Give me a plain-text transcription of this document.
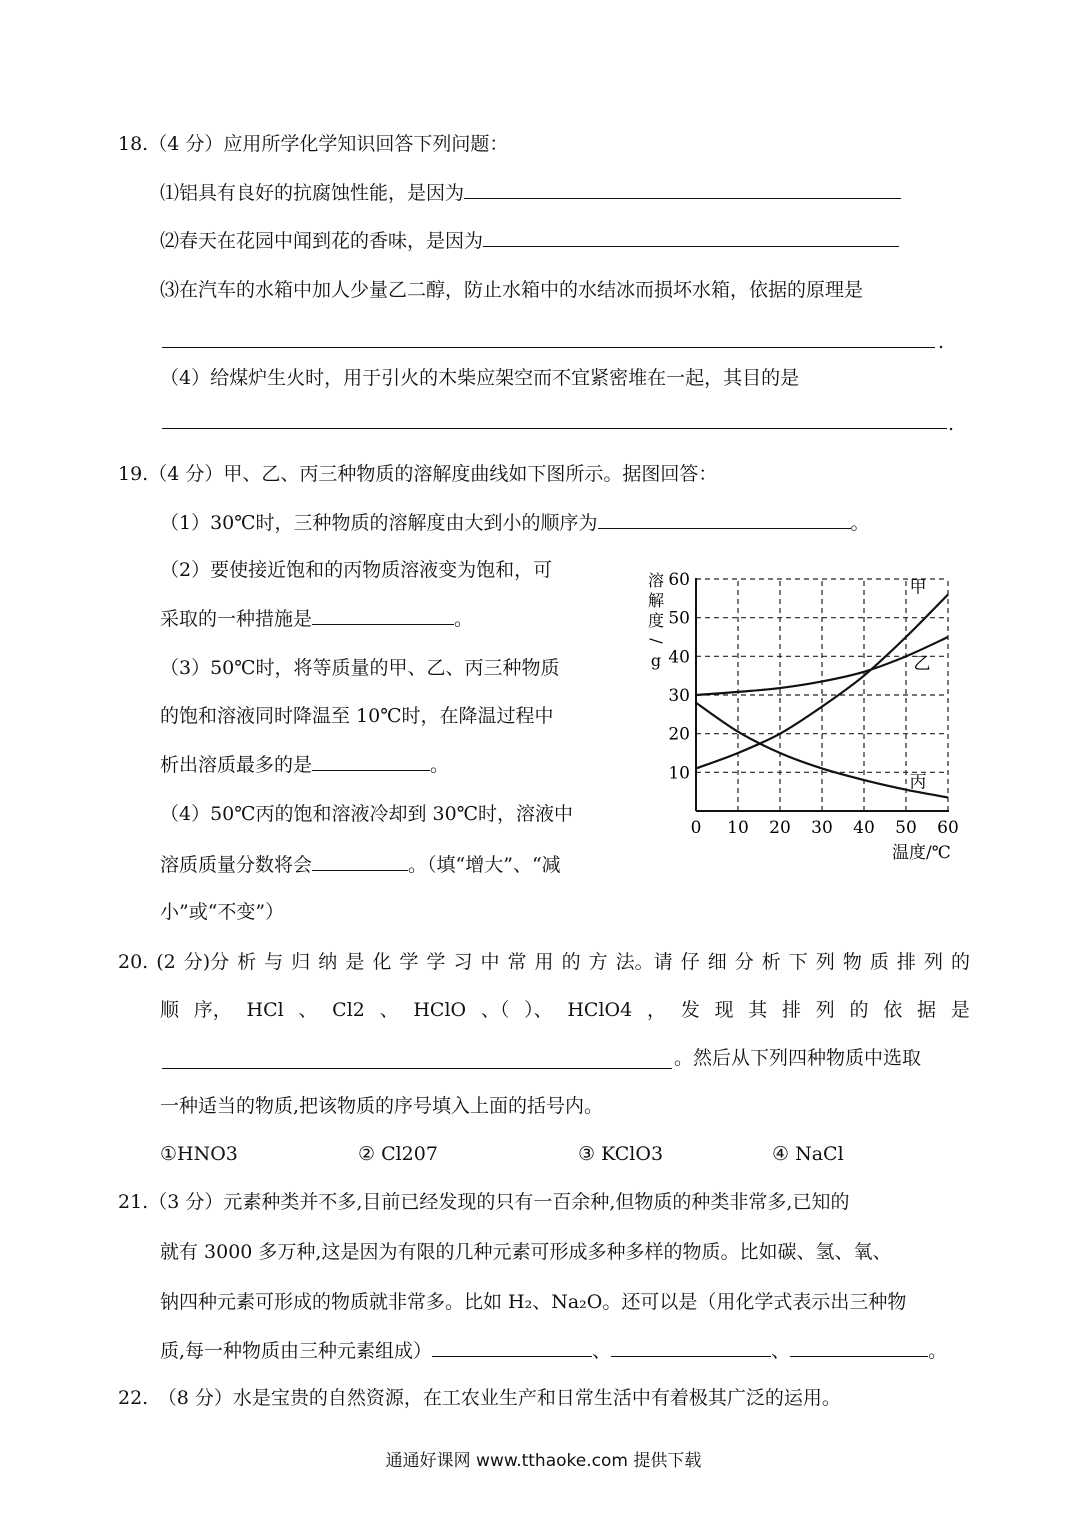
18.（4 分）应用所学化学知识回答下列问题：
⑴铝具有良好的抗腐蚀性能，是因为
⑵春天在花园中闻到花的香味，是因为
⑶在汽车的水箱中加人少量乙二醇，防止水箱中的水结冰而损坏水箱，依据的原理是
.
（4）给煤炉生火时，用于引火的木柴应架空而不宜紧密堆在一起，其目的是
.
19.（4 分）甲、乙、丙三种物质的溶解度曲线如下图所示。据图回答：
（1）30℃时，三种物质的溶解度由大到小的顺序为	。
（2）要使接近饱和的丙物质溶液变为饱和，可
采取的一种措施是	。
（3）50℃时，将等质量的甲、乙、丙三种物质
的饱和溶液同时降温至 10℃时，在降温过程中
析出溶质最多的是	。
（4）50℃丙的饱和溶液冷却到 30℃时，溶液中
溶质质量分数将会	。（填“增大”、“减
小”或“不变”）
溶
解
度
/
g
温度/℃
0 10 20 30 40 50 60
10
20
30
40
50
60	甲
乙
丙
20. (2 分)分 析 与 归 纳 是 化 学 学 习 中 常 用 的 方 法。请 仔 细 分 析 下 列 物 质 排 列 的
顺 序， HCl 、 Cl2 、 HClO 、（ ）、 HClO4 ， 发 现 其 排 列 的 依 据 是
。然后从下列四种物质中选取
一种适当的物质,把该物质的序号填入上面的括号内。
①HNO3	② Cl207	③ KClO3	④ NaCl
21.（3 分）元素种类并不多,目前已经发现的只有一百余种,但物质的种类非常多,已知的
就有 3000 多万种,这是因为有限的几种元素可形成多种多样的物质。比如碳、氢、氧、
钠四种元素可形成的物质就非常多。比如 H₂、Na₂O。还可以是（用化学式表示出三种物
质,每一种物质由三种元素组成）	、	、	。
22.　（8 分）水是宝贵的自然资源，在工农业生产和日常生活中有着极其广泛的运用。
通通好课网 www.tthaoke.com 提供下载
